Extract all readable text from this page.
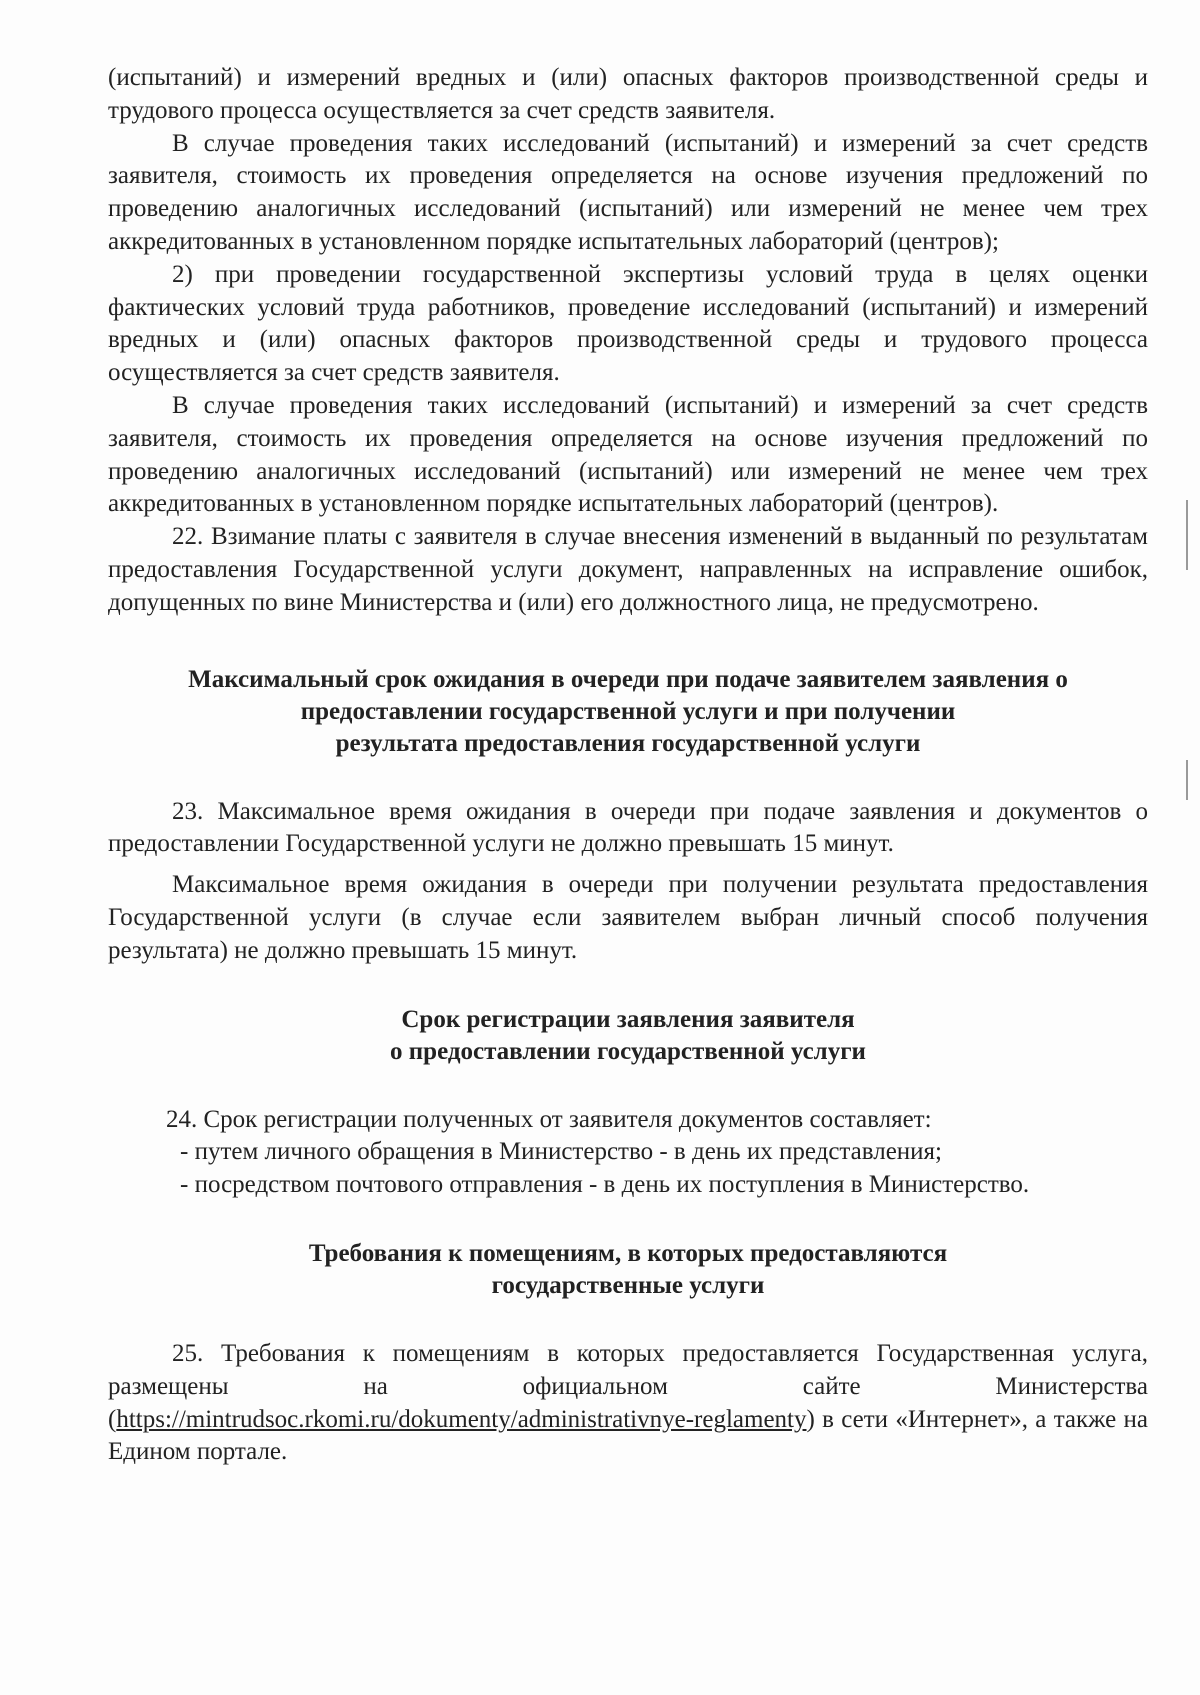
(испытаний) и измерений вредных и (или) опасных факторов производственной среды и трудового процесса осуществляется за счет средств заявителя.

В случае проведения таких исследований (испытаний) и измерений за счет средств заявителя, стоимость их проведения определяется на основе изучения предложений по проведению аналогичных исследований (испытаний) или измерений не менее чем трех аккредитованных в установленном порядке испытательных лабораторий (центров);

2) при проведении государственной экспертизы условий труда в целях оценки фактических условий труда работников, проведение исследований (испытаний) и измерений вредных и (или) опасных факторов производственной среды и трудового процесса осуществляется за счет средств заявителя.

В случае проведения таких исследований (испытаний) и измерений за счет средств заявителя, стоимость их проведения определяется на основе изучения предложений по проведению аналогичных исследований (испытаний) или измерений не менее чем трех аккредитованных в установленном порядке испытательных лабораторий (центров).

22. Взимание платы с заявителя в случае внесения изменений в выданный по результатам предоставления Государственной услуги документ, направленных на исправление ошибок, допущенных по вине Министерства и (или) его должностного лица, не предусмотрено.

Максимальный срок ожидания в очереди при подаче заявителем заявления о

предоставлении государственной услуги и при получении

результата предоставления государственной услуги

23. Максимальное время ожидания в очереди при подаче заявления и документов о предоставлении Государственной услуги не должно превышать 15 минут.

Максимальное время ожидания в очереди при получении результата предоставления Государственной услуги (в случае если заявителем выбран личный способ получения результата) не должно превышать 15 минут.

Срок регистрации заявления заявителя

о предоставлении государственной услуги

24. Срок регистрации полученных от заявителя документов составляет:

- путем личного обращения в Министерство - в день их представления;

- посредством почтового отправления - в день их поступления в Министерство.

Требования к помещениям, в которых предоставляются

государственные услуги

25. Требования к помещениям в которых предоставляется Государственная услуга, размещены на официальном сайте Министерства (https://mintrudsoc.rkomi.ru/dokumenty/administrativnye-reglamenty) в сети «Интернет», а также на Едином портале.
